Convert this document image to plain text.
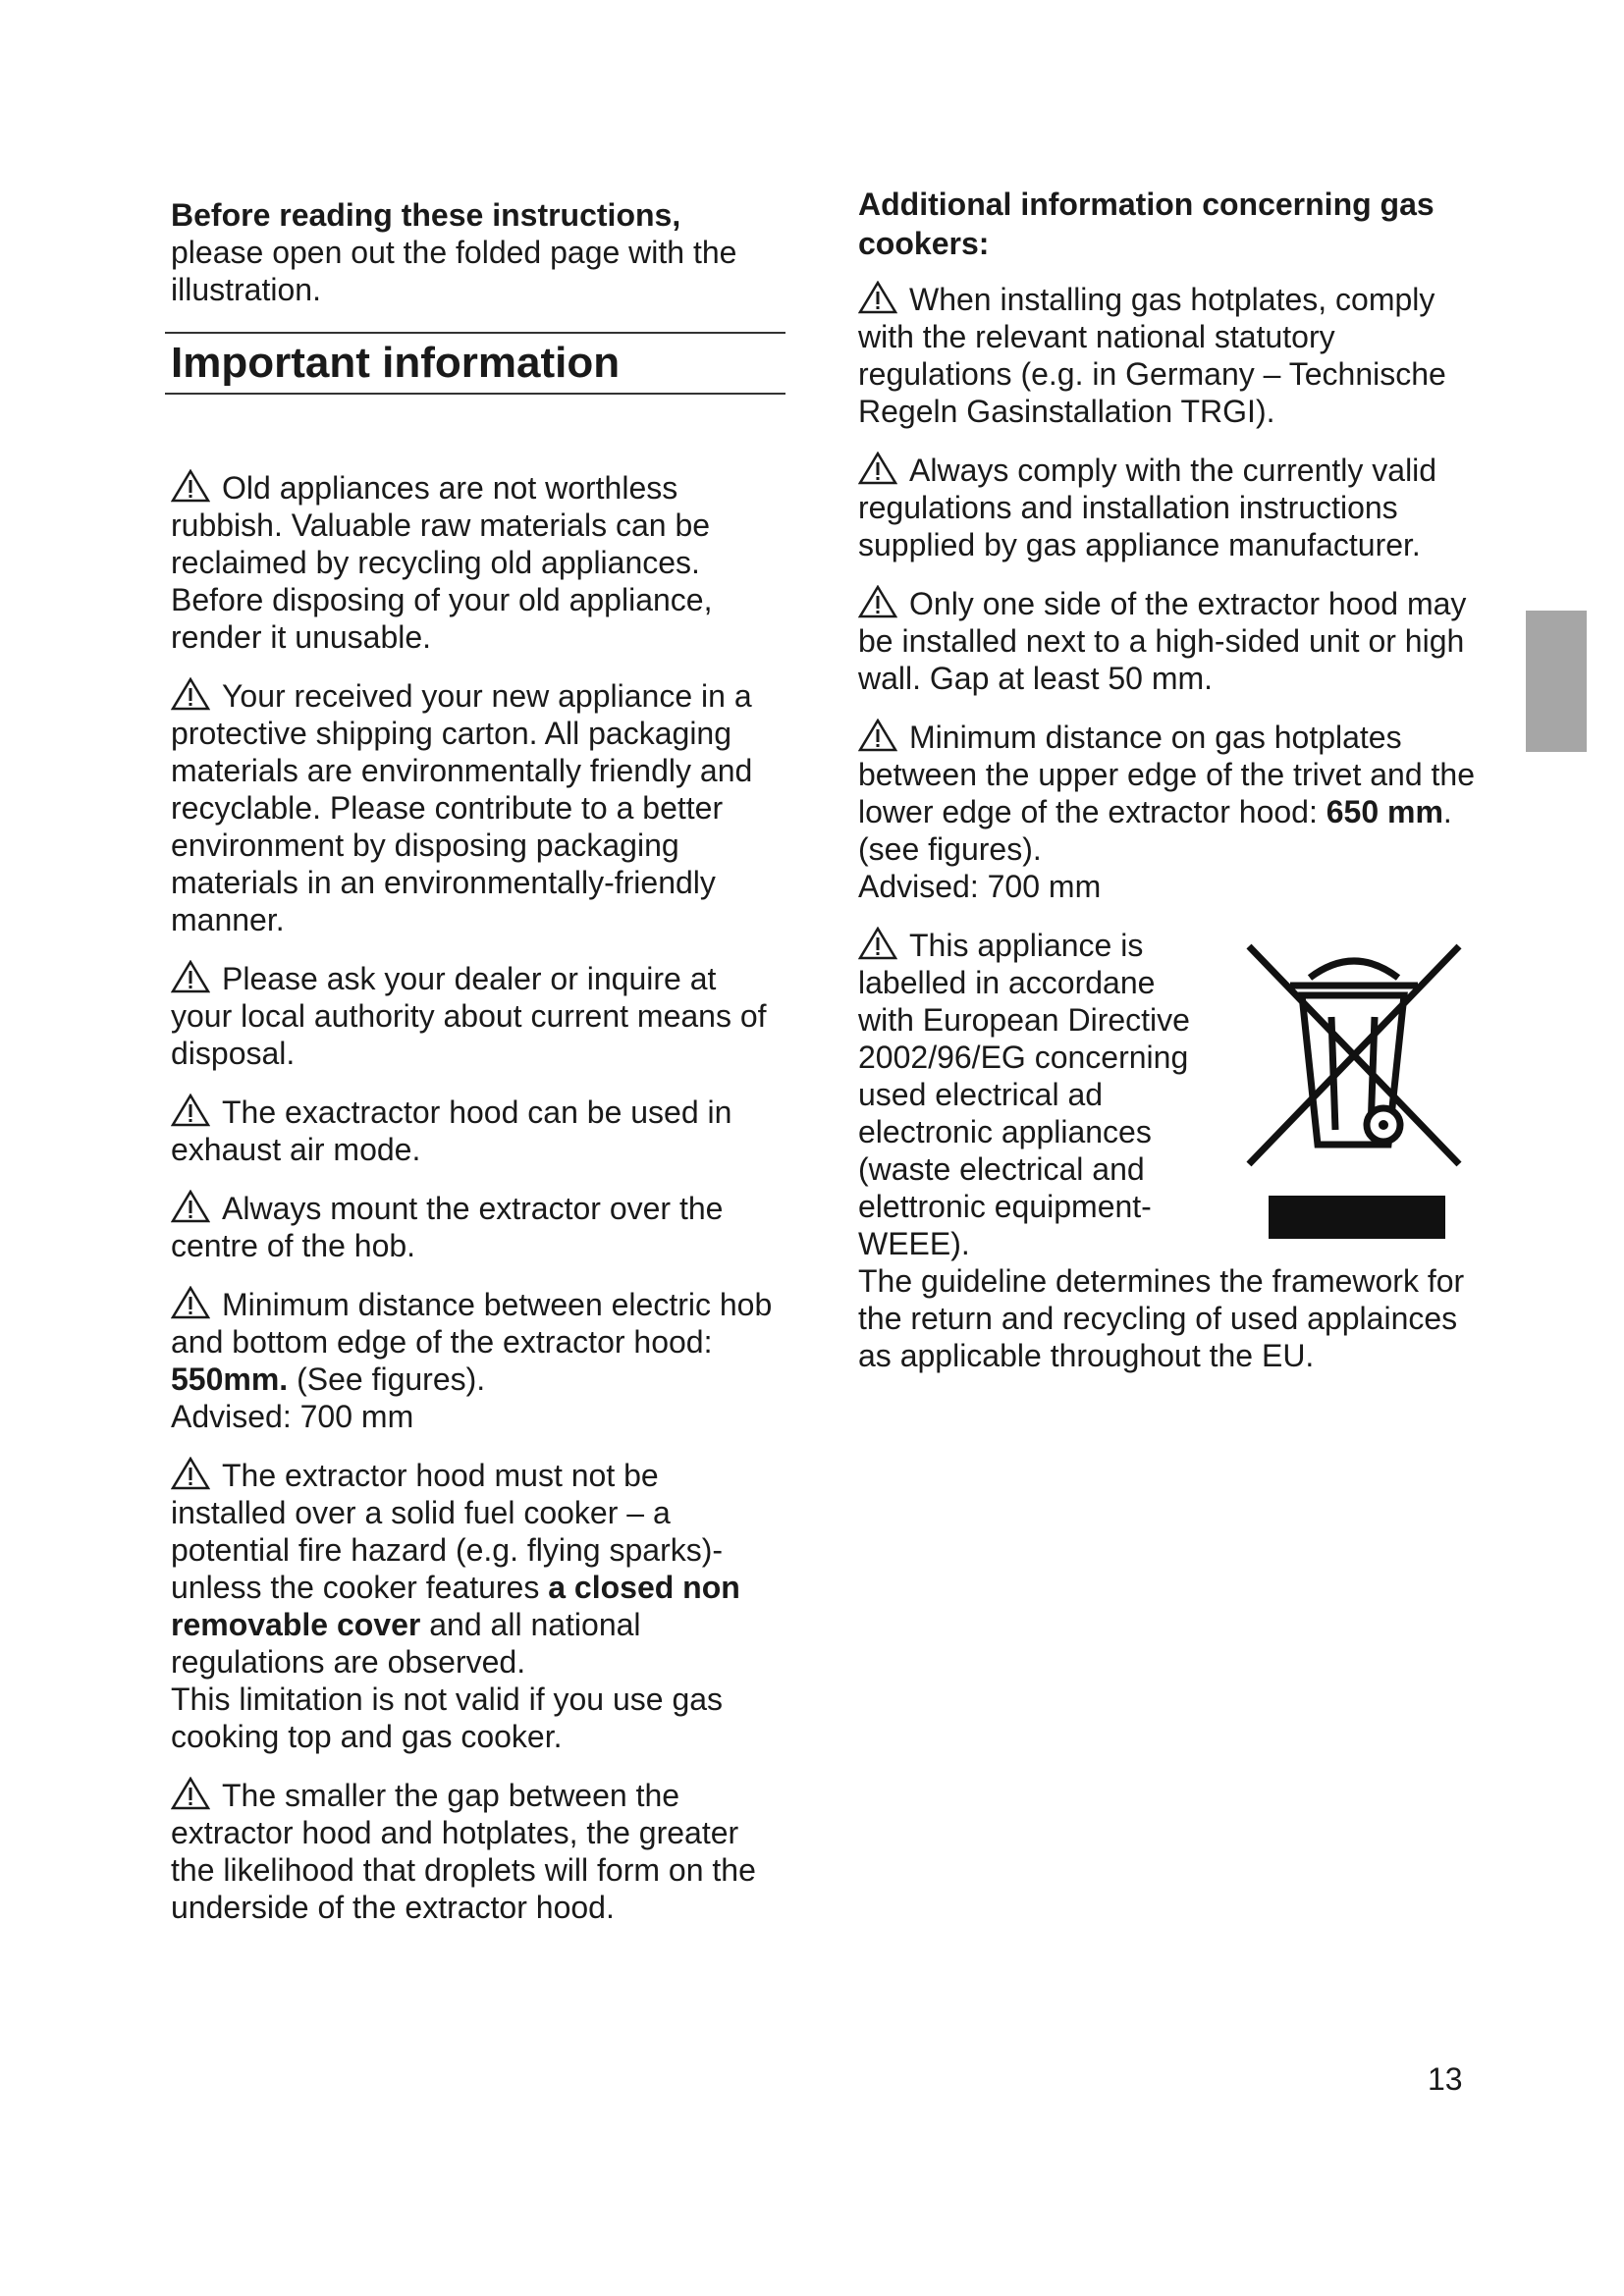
Before reading these instructions,

please open out the folded page with the illustration.

Important information

Old appliances are not worthless rubbish. Valuable raw materials can be reclaimed by recycling old appliances. Before disposing of your old appliance, render it unusable.

Your received your new appliance in a protective shipping carton. All packaging materials are environmentally friendly and recyclable. Please contribute to a better environment by disposing packaging materials in an environmentally-friendly manner.

Please ask your dealer or inquire at your local authority about current means of disposal.

The exactractor hood can be used in exhaust air mode.

Always mount the extractor over the centre of the hob.

Minimum distance between electric hob and bottom edge of the extractor hood: 550mm. (See figures).

Advised: 700 mm

The extractor hood must not be installed over a solid fuel cooker – a potential fire hazard (e.g. flying sparks)- unless the cooker features a closed non removable cover and all national regulations are observed.

This limitation is not valid if you use gas cooking top and gas cooker.

The smaller the gap between the extractor hood and hotplates, the greater the likelihood that droplets will form on the underside of the extractor hood.

Additional information concerning gas cookers:

When installing gas hotplates, comply with the relevant national statutory regulations (e.g. in Germany – Technische Regeln Gasinstallation TRGI).

Always comply with the currently valid regulations and installation instructions supplied by gas appliance manufacturer.

Only one side of the extractor hood may be installed next to a high-sided unit or high wall. Gap at least 50 mm.

Minimum distance on gas hotplates between the upper edge of the trivet and the lower edge of the extractor hood: 650 mm. (see figures).

Advised: 700 mm

This appliance is labelled in accordane with European Directive 2002/96/EG concerning used electrical ad electronic appliances (waste electrical and elettronic equipment- WEEE).

The guideline determines the framework for the return and recycling of used applainces as applicable throughout the EU.

13
